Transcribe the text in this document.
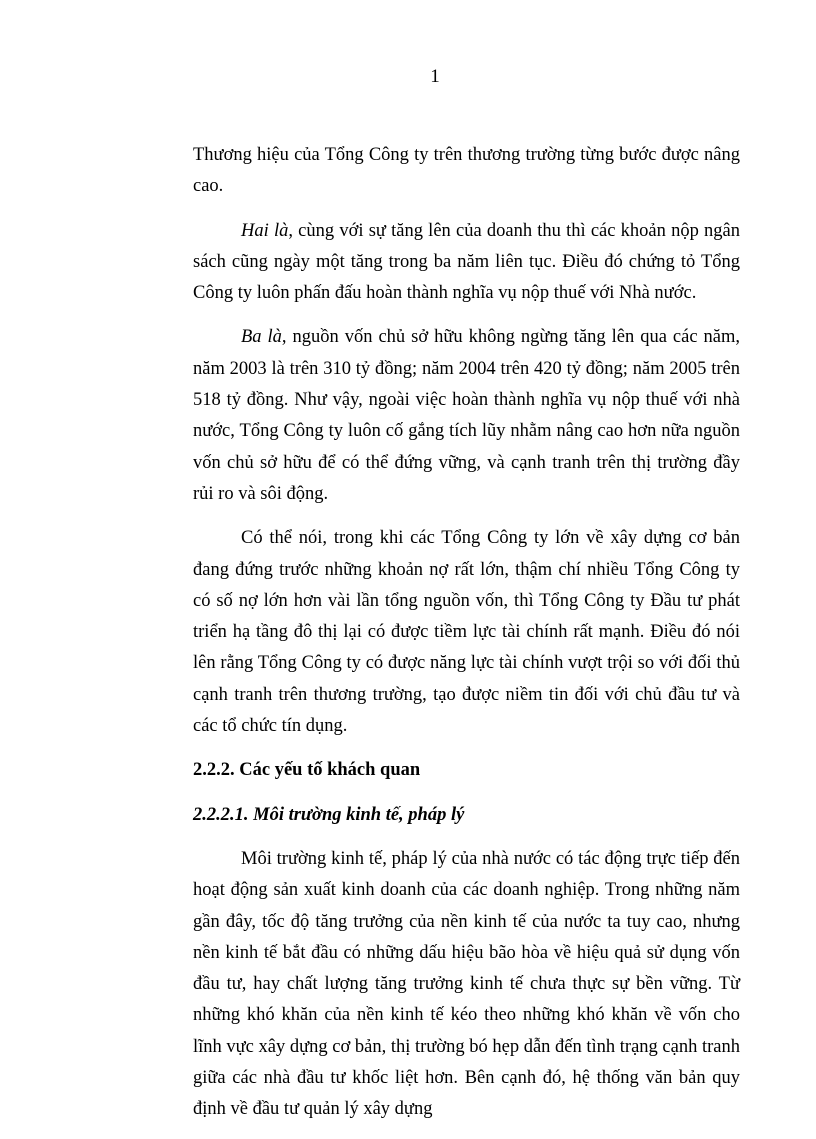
1

Thương hiệu của Tổng Công ty trên thương trường từng bước được nâng cao.

Hai là, cùng với sự tăng lên của doanh thu thì các khoản nộp ngân sách cũng ngày một tăng trong ba năm liên tục. Điều đó chứng tỏ Tổng Công ty luôn phấn đấu hoàn thành nghĩa vụ nộp thuế với Nhà nước.

Ba là, nguồn vốn chủ sở hữu không ngừng tăng lên qua các năm, năm 2003 là trên 310 tỷ đồng; năm 2004 trên 420 tỷ đồng; năm 2005 trên 518 tỷ đồng. Như vậy, ngoài việc hoàn thành nghĩa vụ nộp thuế với nhà nước, Tổng Công ty luôn cố gắng tích lũy nhằm nâng cao hơn nữa nguồn vốn chủ sở hữu để có thể đứng vững, và cạnh tranh trên thị trường đầy rủi ro và sôi động.

Có thể nói, trong khi các Tổng Công ty lớn về xây dựng cơ bản đang đứng trước những khoản nợ rất lớn, thậm chí nhiều Tổng Công ty có số nợ lớn hơn vài lần tổng nguồn vốn, thì Tổng Công ty Đầu tư phát triển hạ tầng đô thị lại có được tiềm lực tài chính rất mạnh. Điều đó nói lên rằng Tổng Công ty có được năng lực tài chính vượt trội so với đối thủ cạnh tranh trên thương trường, tạo được niềm tin đối với chủ đầu tư và các tổ chức tín dụng.

2.2.2. Các yếu tố khách quan
2.2.2.1. Môi trường kinh tế, pháp lý

Môi trường kinh tế, pháp lý của nhà nước có tác động trực tiếp đến hoạt động sản xuất kinh doanh của các doanh nghiệp. Trong những năm gần đây, tốc độ tăng trưởng của nền kinh tế của nước ta tuy cao, nhưng nền kinh tế bắt đầu có những dấu hiệu bão hòa về hiệu quả sử dụng vốn đầu tư, hay chất lượng tăng trưởng kinh tế chưa thực sự bền vững. Từ những khó khăn của nền kinh tế kéo theo những khó khăn về vốn cho lĩnh vực xây dựng cơ bản, thị trường bó hẹp dẫn đến tình trạng cạnh tranh giữa các nhà đầu tư khốc liệt hơn. Bên cạnh đó, hệ thống văn bản quy định về đầu tư quản lý xây dựng
